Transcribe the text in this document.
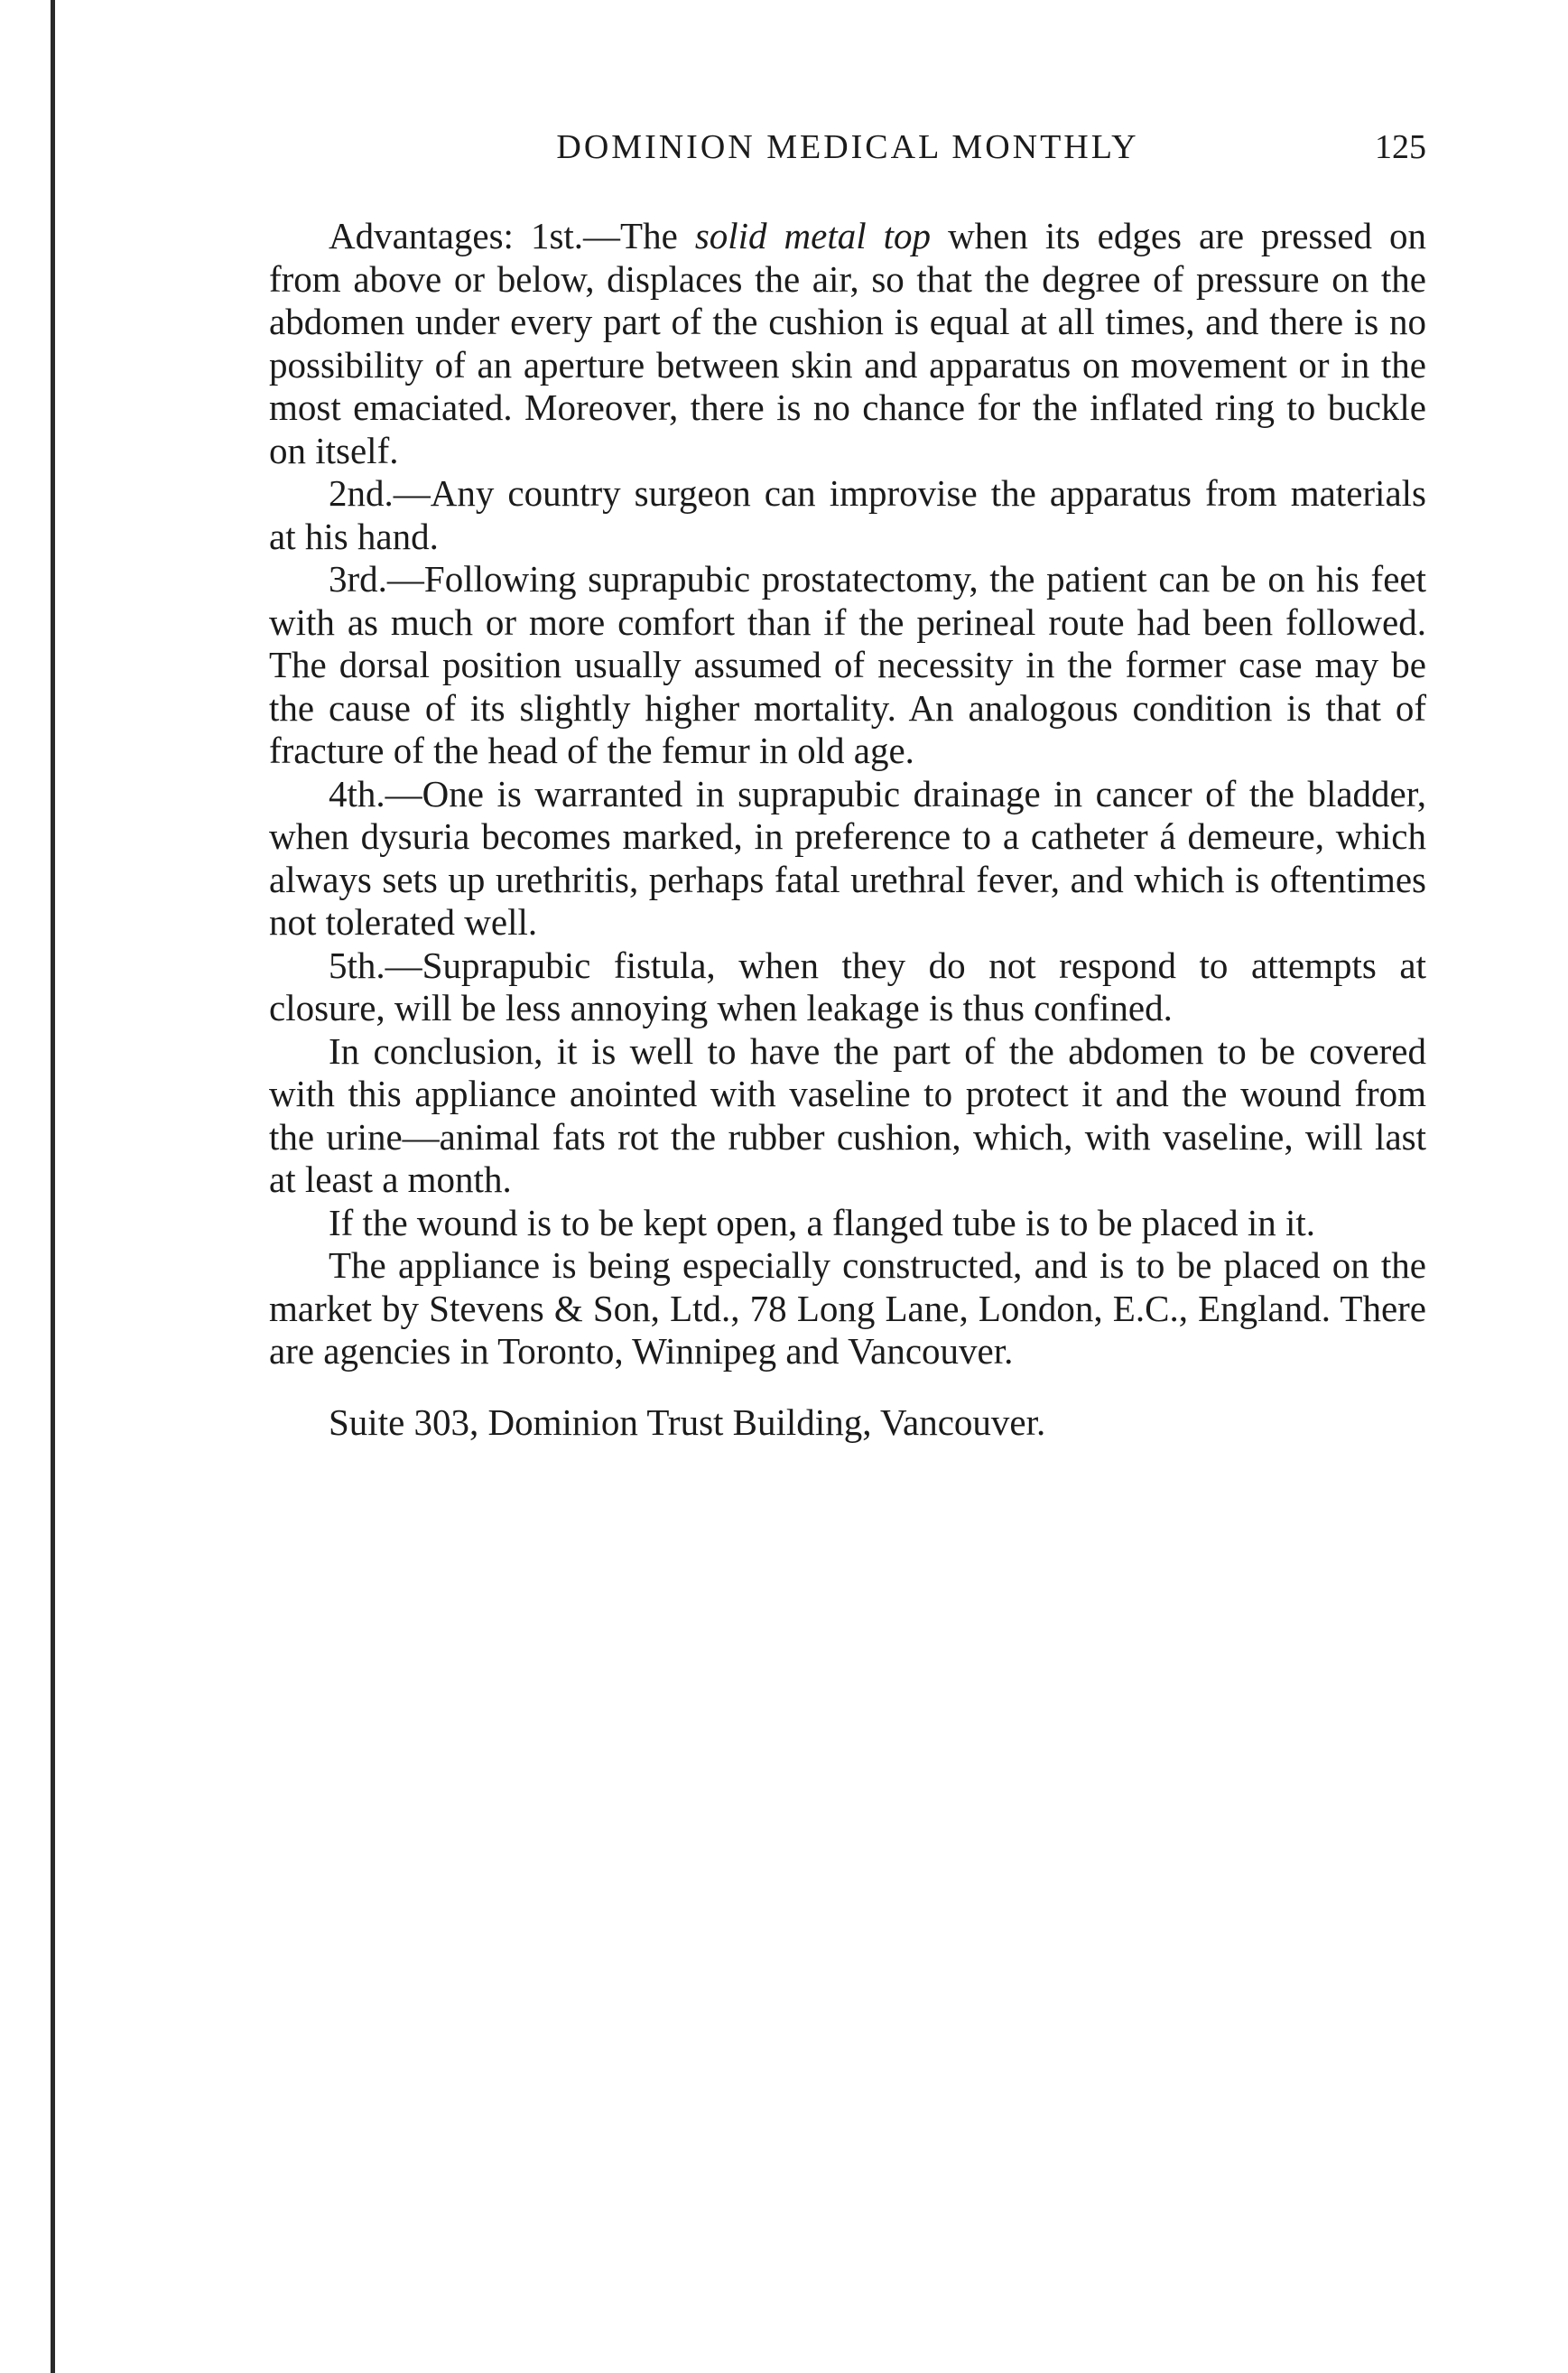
DOMINION MEDICAL MONTHLY	125

Advantages: 1st.—The solid metal top when its edges are pressed on from above or below, displaces the air, so that the degree of pressure on the abdomen under every part of the cushion is equal at all times, and there is no possibility of an aperture between skin and apparatus on movement or in the most emaciated. Moreover, there is no chance for the inflated ring to buckle on itself.

2nd.—Any country surgeon can improvise the apparatus from materials at his hand.

3rd.—Following suprapubic prostatectomy, the patient can be on his feet with as much or more comfort than if the perineal route had been followed. The dorsal position usually assumed of necessity in the former case may be the cause of its slightly higher mortality. An analogous condition is that of fracture of the head of the femur in old age.

4th.—One is warranted in suprapubic drainage in cancer of the bladder, when dysuria becomes marked, in preference to a catheter á demeure, which always sets up urethritis, perhaps fatal urethral fever, and which is oftentimes not tolerated well.

5th.—Suprapubic fistula, when they do not respond to attempts at closure, will be less annoying when leakage is thus confined.

In conclusion, it is well to have the part of the abdomen to be covered with this appliance anointed with vaseline to protect it and the wound from the urine—animal fats rot the rubber cushion, which, with vaseline, will last at least a month.

If the wound is to be kept open, a flanged tube is to be placed in it.

The appliance is being especially constructed, and is to be placed on the market by Stevens & Son, Ltd., 78 Long Lane, London, E.C., England. There are agencies in Toronto, Winnipeg and Vancouver.

Suite 303, Dominion Trust Building, Vancouver.
